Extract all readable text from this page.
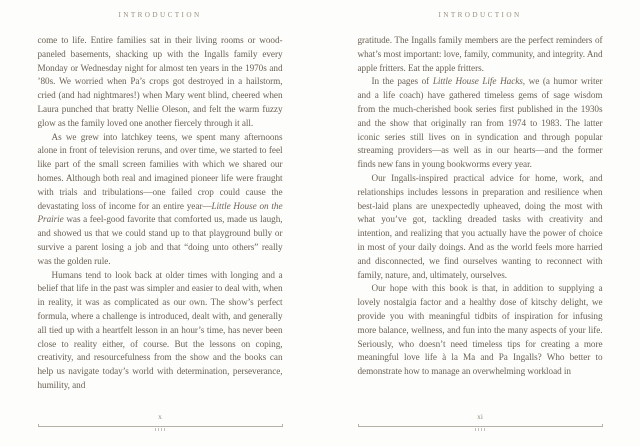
INTRODUCTION

come to life. Entire families sat in their living rooms or wood-paneled basements, shacking up with the Ingalls family every Monday or Wednesday night for almost ten years in the 1970s and ’80s. We worried when Pa’s crops got destroyed in a hailstorm, cried (and had nightmares!) when Mary went blind, cheered when Laura punched that bratty Nellie Oleson, and felt the warm fuzzy glow as the family loved one another fiercely through it all.

As we grew into latchkey teens, we spent many afternoons alone in front of television reruns, and over time, we started to feel like part of the small screen families with which we shared our homes. Although both real and imagined pioneer life were fraught with trials and tribulations—one failed crop could cause the devastating loss of income for an entire year—Little House on the Prairie was a feel-good favorite that comforted us, made us laugh, and showed us that we could stand up to that playground bully or survive a parent losing a job and that “doing unto others” really was the golden rule.

Humans tend to look back at older times with longing and a belief that life in the past was simpler and easier to deal with, when in reality, it was as complicated as our own. The show’s perfect formula, where a challenge is introduced, dealt with, and generally all tied up with a heartfelt lesson in an hour’s time, has never been close to reality either, of course. But the lessons on coping, creativity, and resourcefulness from the show and the books can help us navigate today’s world with determination, perseverance, humility, and

x
INTRODUCTION

gratitude. The Ingalls family members are the perfect reminders of what’s most important: love, family, community, and integrity. And apple fritters. Eat the apple fritters.

In the pages of Little House Life Hacks, we (a humor writer and a life coach) have gathered timeless gems of sage wisdom from the much-cherished book series first published in the 1930s and the show that originally ran from 1974 to 1983. The latter iconic series still lives on in syndication and through popular streaming providers—as well as in our hearts—and the former finds new fans in young bookworms every year.

Our Ingalls-inspired practical advice for home, work, and relationships includes lessons in preparation and resilience when best-laid plans are unexpectedly upheaved, doing the most with what you’ve got, tackling dreaded tasks with creativity and intention, and realizing that you actually have the power of choice in most of your daily doings. And as the world feels more harried and disconnected, we find ourselves wanting to reconnect with family, nature, and, ultimately, ourselves.

Our hope with this book is that, in addition to supplying a lovely nostalgia factor and a healthy dose of kitschy delight, we provide you with meaningful tidbits of inspiration for infusing more balance, wellness, and fun into the many aspects of your life. Seriously, who doesn’t need timeless tips for creating a more meaningful love life à la Ma and Pa Ingalls? Who better to demonstrate how to manage an overwhelming workload in

xi
